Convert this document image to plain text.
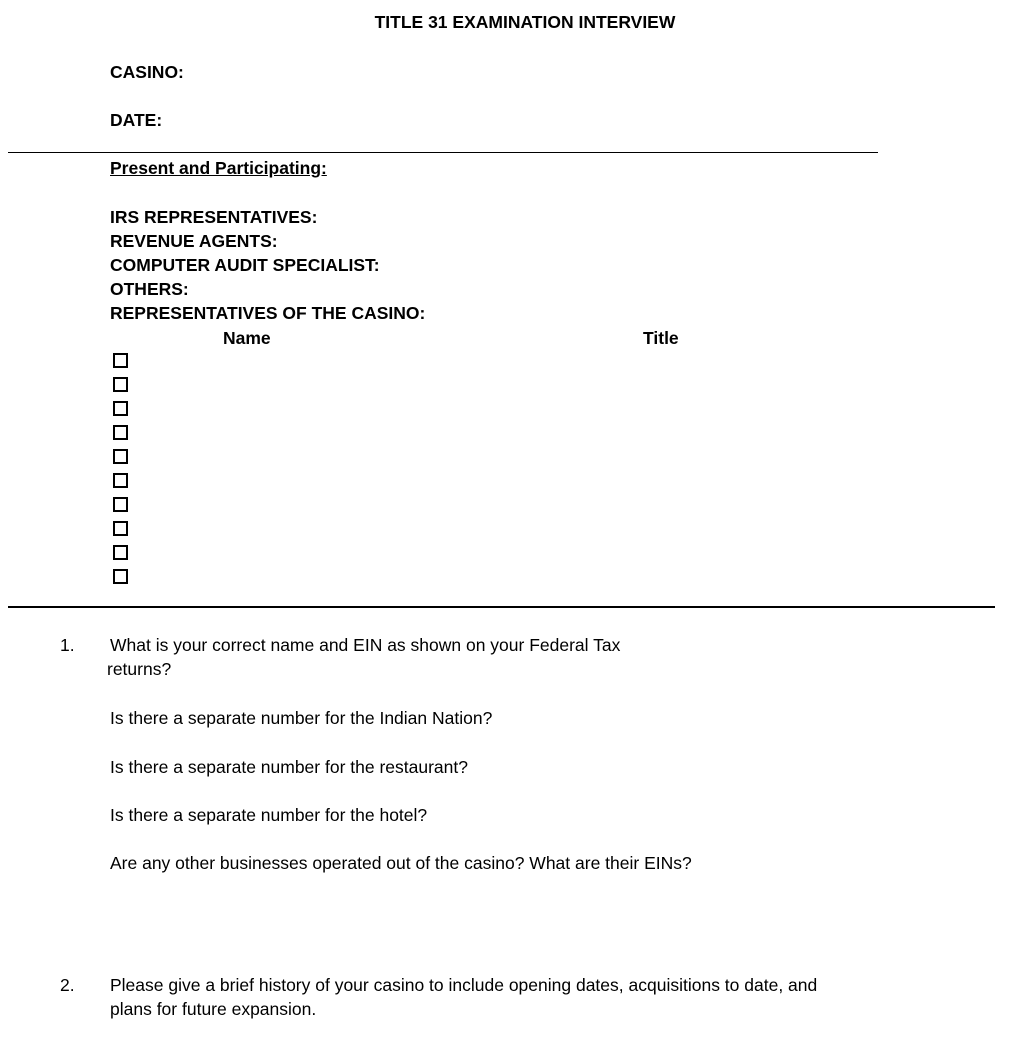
TITLE 31 EXAMINATION INTERVIEW
CASINO:
DATE:
Present and Participating:
IRS REPRESENTATIVES:
REVENUE AGENTS:
COMPUTER AUDIT SPECIALIST:
OTHERS:
REPRESENTATIVES OF THE CASINO:
Name	Title
1. What is your correct name and EIN as shown on your Federal Tax
returns?
Is there a separate number for the Indian Nation?
Is there a separate number for the restaurant?
Is there a separate number for the hotel?
Are any other businesses operated out of the casino? What are their EINs?
2. Please give a brief history of your casino to include opening dates, acquisitions to date, and
plans for future expansion.
